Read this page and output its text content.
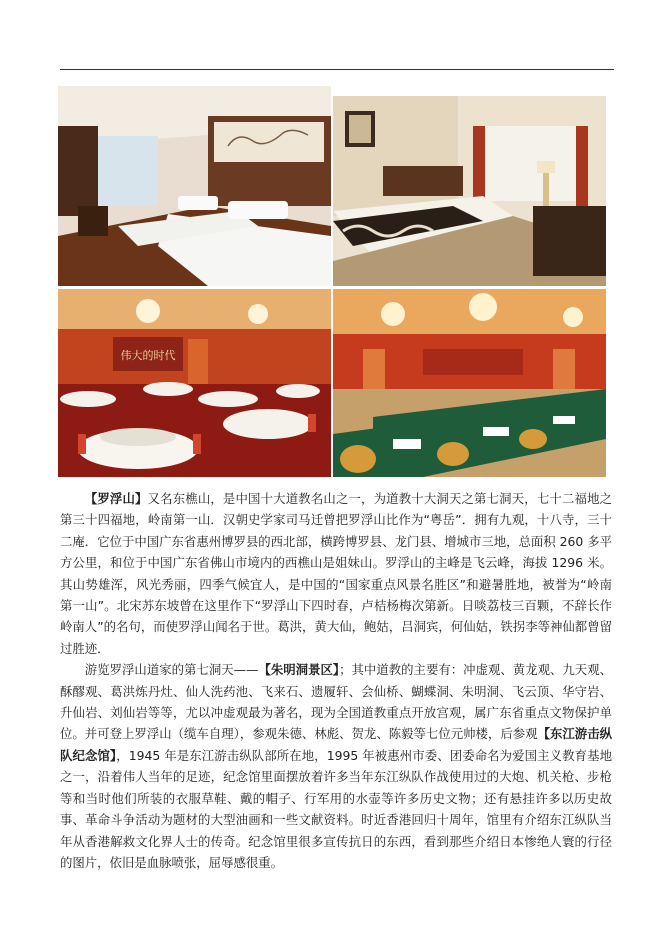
伟大的时代

【罗浮山】又名东樵山，是中国十大道教名山之一，为道教十大洞天之第七洞天，七十二福地之第三十四福地，岭南第一山．汉朝史学家司马迁曾把罗浮山比作为“粤岳”．拥有九观，十八寺，三十二庵．它位于中国广东省惠州博罗县的西北部，横跨博罗县、龙门县、增城市三地，总面积 260 多平方公里，和位于中国广东省佛山市境内的西樵山是姐妹山。罗浮山的主峰是飞云峰，海拔 1296 米。其山势雄浑，风光秀丽，四季气候宜人，是中国的“国家重点风景名胜区”和避暑胜地，被誉为“岭南第一山”。北宋苏东坡曾在这里作下“罗浮山下四时春，卢桔杨梅次第新。日啖荔枝三百颗，不辞长作岭南人”的名句，而使罗浮山闻名于世。葛洪，黄大仙，鲍姑，吕洞宾，何仙姑，铁拐李等神仙都曾留过胜迹．

游览罗浮山道家的第七洞天——【朱明洞景区】；其中道教的主要有：冲虚观、黄龙观、九天观、酥醪观、葛洪炼丹灶、仙人洗药池、飞来石、遗履轩、会仙桥、蝴蝶洞、朱明洞、飞云顶、华守岩、升仙岩、刘仙岩等等，尤以冲虚观最为著名，现为全国道教重点开放宫观，属广东省重点文物保护单位。并可登上罗浮山（缆车自理），参观朱德、林彪、贺龙、陈毅等七位元帅楼，后参观【东江游击纵队纪念馆】，1945 年是东江游击纵队部所在地，1995 年被惠州市委、团委命名为爱国主义教育基地之一，沿着伟人当年的足迹，纪念馆里面摆放着许多当年东江纵队作战使用过的大炮、机关枪、步枪等和当时他们所装的衣服草鞋、戴的帽子、行军用的水壶等许多历史文物；还有悬挂许多以历史故事、革命斗争活动为题材的大型油画和一些文献资料。时近香港回归十周年，馆里有介绍东江纵队当年从香港解救文化界人士的传奇。纪念馆里很多宣传抗日的东西，看到那些介绍日本惨绝人寰的行径的图片，依旧是血脉喷张，屈辱感很重。
